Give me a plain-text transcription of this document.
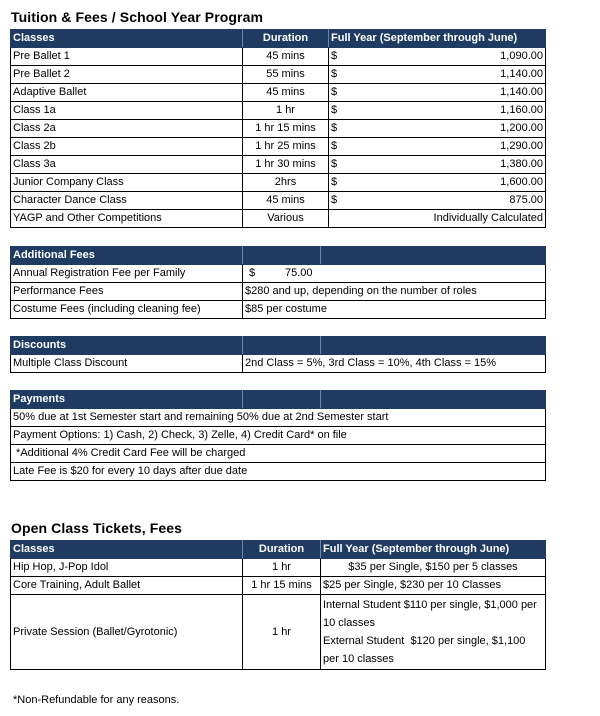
Tuition & Fees / School Year Program
Classes	Duration	Full Year (September through June)
Pre Ballet 1	45 mins	$ 1,090.00

Pre Ballet 2	55 mins	$ 1,140.00

Adaptive Ballet	45 mins	$ 1,140.00

Class 1a	1 hr	$ 1,160.00

Class 2a	1 hr 15 mins	$ 1,200.00

Class 2b	1 hr 25 mins	$ 1,290.00

Class 3a	1 hr 30 mins	$ 1,380.00

Junior Company Class	2hrs	$ 1,600.00

Character Dance Class	45 mins	$ 875.00

YAGP and Other Competitions	Various	Individually Calculated
Additional Fees		
Annual Registration Fee per Family	$ 75.00	
Performance Fees	$280 and up, depending on the number of roles	
Costume Fees (including cleaning fee)	$85 per costume	
Discounts		
Multiple Class Discount	2nd Class = 5%, 3rd Class = 10%, 4th Class = 15%	
Payments		
50% due at 1st Semester start and remaining 50% due at 2nd Semester start
Payment Options: 1) Cash, 2) Check, 3) Zelle, 4) Credit Card* on file
*Additional 4% Credit Card Fee will be charged
Late Fee is $20 for every 10 days after due date
Open Class Tickets, Fees
Classes	Duration	Full Year (September through June)
Hip Hop, J-Pop Idol	1 hr	$35 per Single, $150 per 5 classes
Core Training, Adult Ballet	1 hr 15 mins	$25 per Single, $230 per 10 Classes
Private Session (Ballet/Gyrotonic)	1 hr	Internal Student $110 per single, $1,000 per 10 classes
External Student  $120 per single, $1,100 per 10 classes
*Non-Refundable for any reasons.
